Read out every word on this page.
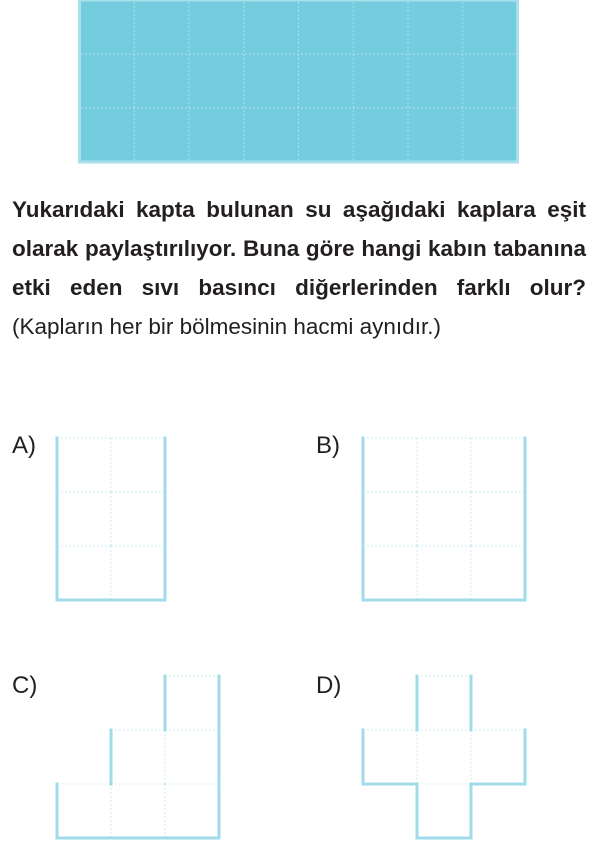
Yukarıdaki kapta bulunan su aşağıdaki kaplara eşit olarak paylaştırılıyor. Buna göre hangi kabın tabanına etki eden sıvı basıncı diğerlerinden farklı olur? (Kapların her bir bölmesinin hacmi aynıdır.)

A)	B)
C)	D)
